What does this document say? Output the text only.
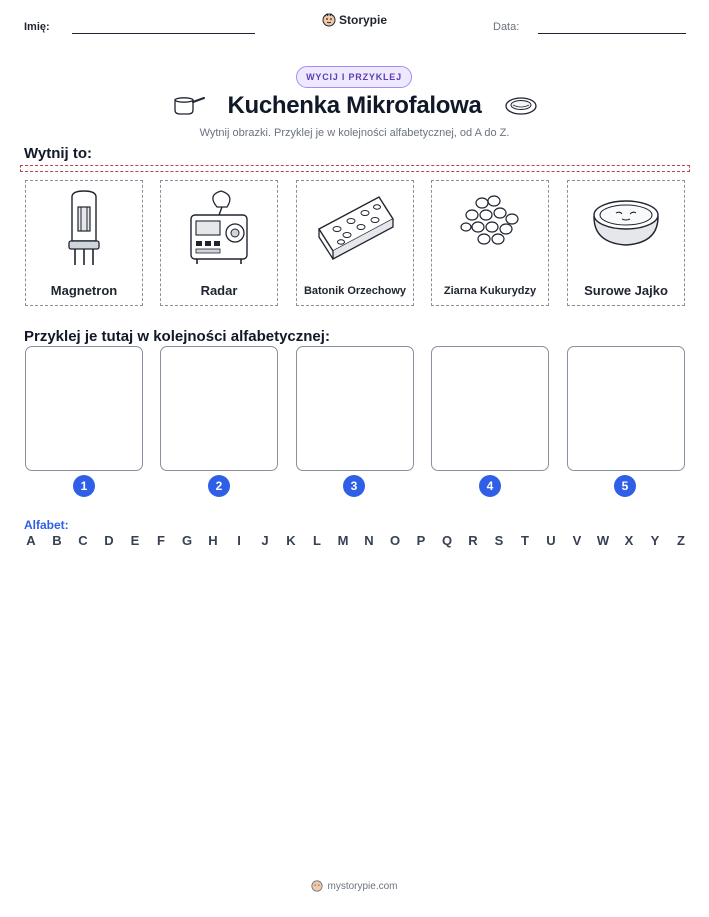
Imię:	Storypie	Data:
WYCIJ I PRZYKLEJ
Kuchenka Mikrofalowa
Wytnij obrazki. Przyklej je w kolejności alfabetycznej, od A do Z.
Wytnij to:
Magnetron	Radar	Batonik Orzechowy	Ziarna Kukurydzy	Surowe Jajko
Przyklej je tutaj w kolejności alfabetycznej:
1	2	3	4	5
Alfabet:
A B C D E F G H	I	J K L M N O P Q R S T U V W X Y Z
mystorypie.com
